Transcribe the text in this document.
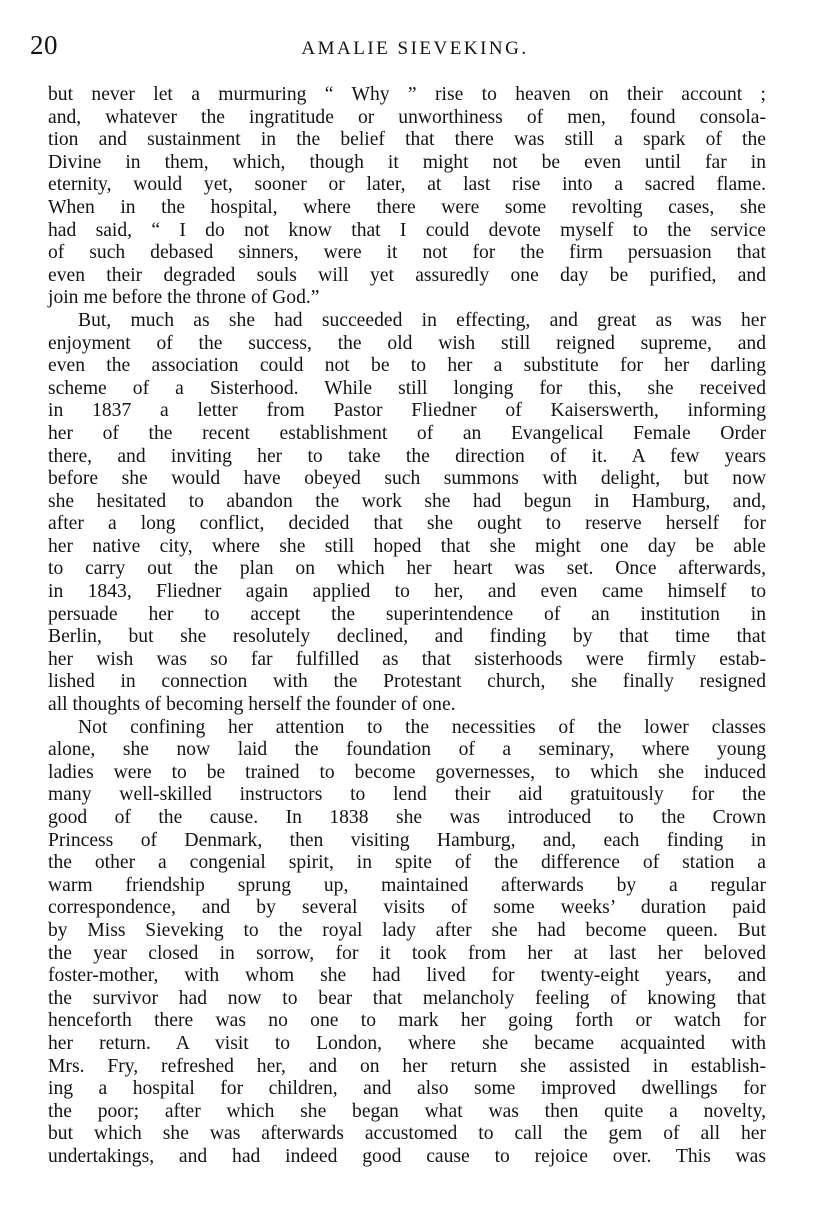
20	AMALIE SIEVEKING.
but never let a murmuring “ Why ” rise to heaven on their account ;
and, whatever the ingratitude or unworthiness of men, found consola-
tion and sustainment in the belief that there was still a spark of the
Divine in them, which, though it might not be even until far in
eternity, would yet, sooner or later, at last rise into a sacred flame.
When in the hospital, where there were some revolting cases, she
had said, “ I do not know that I could devote myself to the service
of such debased sinners, were it not for the firm persuasion that
even their degraded souls will yet assuredly one day be purified, and
join me before the throne of God.”
But, much as she had succeeded in effecting, and great as was her
enjoyment of the success, the old wish still reigned supreme, and
even the association could not be to her a substitute for her darling
scheme of a Sisterhood. While still longing for this, she received
in 1837 a letter from Pastor Fliedner of Kaiserswerth, informing
her of the recent establishment of an Evangelical Female Order
there, and inviting her to take the direction of it. A few years
before she would have obeyed such summons with delight, but now
she hesitated to abandon the work she had begun in Hamburg, and,
after a long conflict, decided that she ought to reserve herself for
her native city, where she still hoped that she might one day be able
to carry out the plan on which her heart was set. Once afterwards,
in 1843, Fliedner again applied to her, and even came himself to
persuade her to accept the superintendence of an institution in
Berlin, but she resolutely declined, and finding by that time that
her wish was so far fulfilled as that sisterhoods were firmly estab-
lished in connection with the Protestant church, she finally resigned
all thoughts of becoming herself the founder of one.
Not confining her attention to the necessities of the lower classes
alone, she now laid the foundation of a seminary, where young
ladies were to be trained to become governesses, to which she induced
many well-skilled instructors to lend their aid gratuitously for the
good of the cause. In 1838 she was introduced to the Crown
Princess of Denmark, then visiting Hamburg, and, each finding in
the other a congenial spirit, in spite of the difference of station a
warm friendship sprung up, maintained afterwards by a regular
correspondence, and by several visits of some weeks’ duration paid
by Miss Sieveking to the royal lady after she had become queen. But
the year closed in sorrow, for it took from her at last her beloved
foster-mother, with whom she had lived for twenty-eight years, and
the survivor had now to bear that melancholy feeling of knowing that
henceforth there was no one to mark her going forth or watch for
her return. A visit to London, where she became acquainted with
Mrs. Fry, refreshed her, and on her return she assisted in establish-
ing a hospital for children, and also some improved dwellings for
the poor; after which she began what was then quite a novelty,
but which she was afterwards accustomed to call the gem of all her
undertakings, and had indeed good cause to rejoice over. This was
